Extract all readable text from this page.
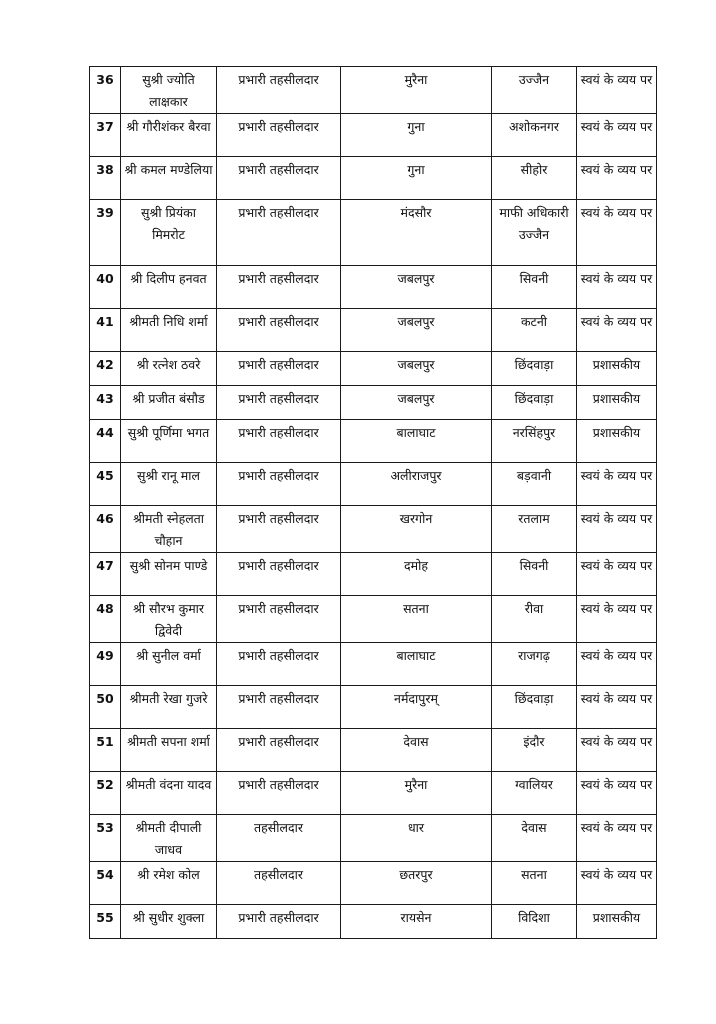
36	सुश्री ज्योति लाक्षकार	प्रभारी तहसीलदार	मुरैना	उज्जैन	स्वयं के व्यय पर
37	श्री गौरीशंकर बैरवा	प्रभारी तहसीलदार	गुना	अशोकनगर	स्वयं के व्यय पर
38	श्री कमल मण्डेलिया	प्रभारी तहसीलदार	गुना	सीहोर	स्वयं के व्यय पर
39	सुश्री प्रियंका मिमरोट	प्रभारी तहसीलदार	मंदसौर	माफी अधिकारी उज्जैन	स्वयं के व्यय पर
40	श्री दिलीप हनवत	प्रभारी तहसीलदार	जबलपुर	सिवनी	स्वयं के व्यय पर
41	श्रीमती निधि शर्मा	प्रभारी तहसीलदार	जबलपुर	कटनी	स्वयं के व्यय पर
42	श्री रत्नेश ठवरे	प्रभारी तहसीलदार	जबलपुर	छिंदवाड़ा	प्रशासकीय
43	श्री प्रजीत बंसौड	प्रभारी तहसीलदार	जबलपुर	छिंदवाड़ा	प्रशासकीय
44	सुश्री पूर्णिमा भगत	प्रभारी तहसीलदार	बालाघाट	नरसिंहपुर	प्रशासकीय
45	सुश्री रानू माल	प्रभारी तहसीलदार	अलीराजपुर	बड़वानी	स्वयं के व्यय पर
46	श्रीमती स्नेहलता चौहान	प्रभारी तहसीलदार	खरगोन	रतलाम	स्वयं के व्यय पर
47	सुश्री सोनम पाण्डे	प्रभारी तहसीलदार	दमोह	सिवनी	स्वयं के व्यय पर
48	श्री सौरभ कुमार द्विवेदी	प्रभारी तहसीलदार	सतना	रीवा	स्वयं के व्यय पर
49	श्री सुनील वर्मा	प्रभारी तहसीलदार	बालाघाट	राजगढ़	स्वयं के व्यय पर
50	श्रीमती रेखा गुजरे	प्रभारी तहसीलदार	नर्मदापुरम्	छिंदवाड़ा	स्वयं के व्यय पर
51	श्रीमती सपना शर्मा	प्रभारी तहसीलदार	देवास	इंदौर	स्वयं के व्यय पर
52	श्रीमती वंदना यादव	प्रभारी तहसीलदार	मुरैना	ग्वालियर	स्वयं के व्यय पर
53	श्रीमती दीपाली जाधव	तहसीलदार	धार	देवास	स्वयं के व्यय पर
54	श्री रमेश कोल	तहसीलदार	छतरपुर	सतना	स्वयं के व्यय पर
55	श्री सुधीर शुक्ला	प्रभारी तहसीलदार	रायसेन	विदिशा	प्रशासकीय
